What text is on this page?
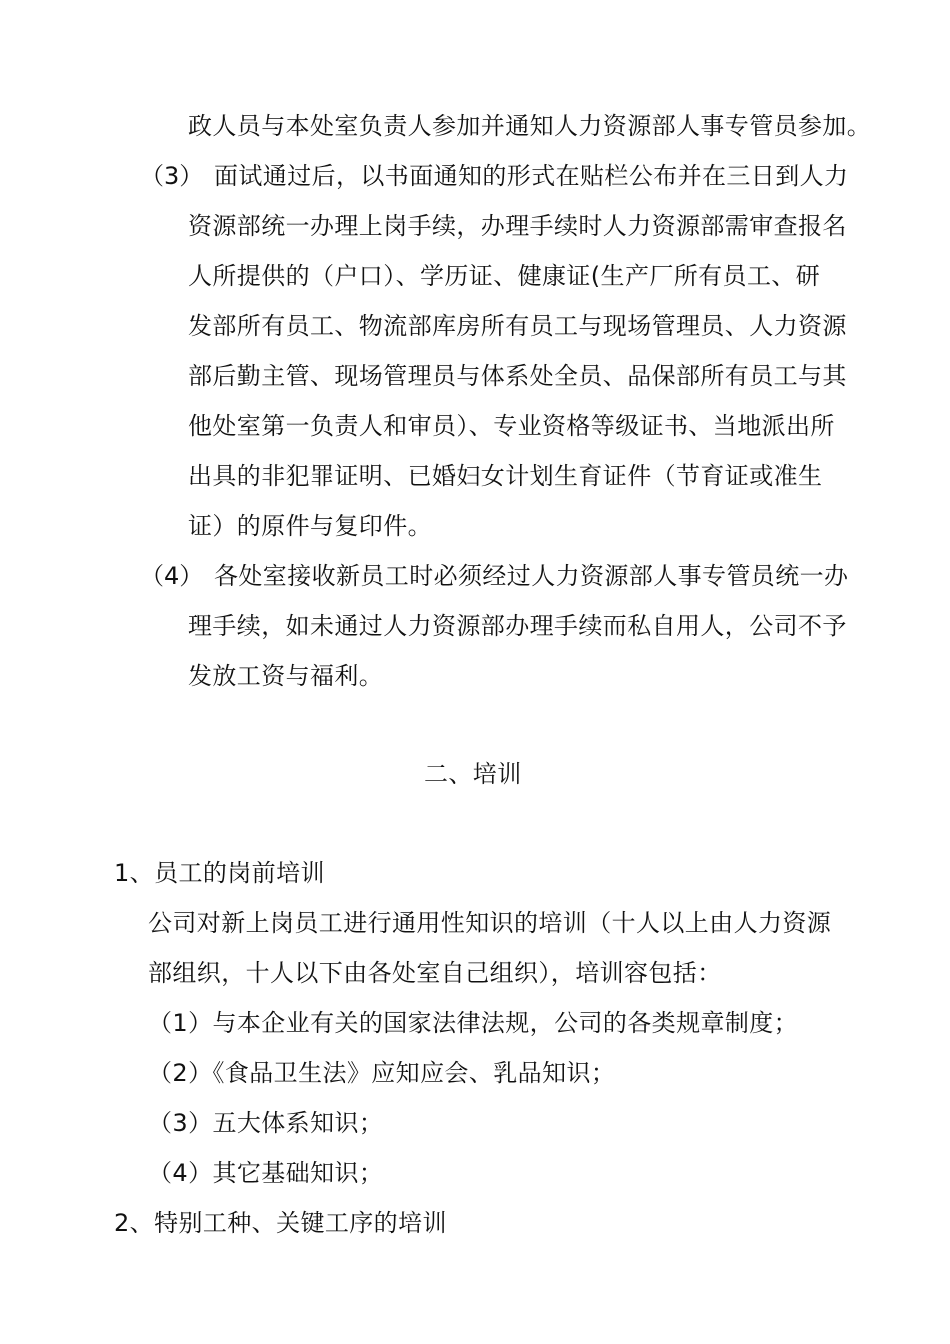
政人员与本处室负责人参加并通知人力资源部人事专管员参加。
（3） 面试通过后，以书面通知的形式在贴栏公布并在三日到人力
资源部统一办理上岗手续，办理手续时人力资源部需审查报名
人所提供的（户口）、学历证、健康证(生产厂所有员工、研
发部所有员工、物流部库房所有员工与现场管理员、人力资源
部后勤主管、现场管理员与体系处全员、品保部所有员工与其
他处室第一负责人和审员）、专业资格等级证书、当地派出所
出具的非犯罪证明、已婚妇女计划生育证件（节育证或准生
证）的原件与复印件。
（4） 各处室接收新员工时必须经过人力资源部人事专管员统一办
理手续，如未通过人力资源部办理手续而私自用人，公司不予
发放工资与福利。
二、培训
1、员工的岗前培训
公司对新上岗员工进行通用性知识的培训（十人以上由人力资源
部组织，十人以下由各处室自己组织），培训容包括：
（1）与本企业有关的国家法律法规，公司的各类规章制度；
（2）《食品卫生法》应知应会、乳品知识；
（3）五大体系知识；
（4）其它基础知识；
2、特别工种、关键工序的培训
